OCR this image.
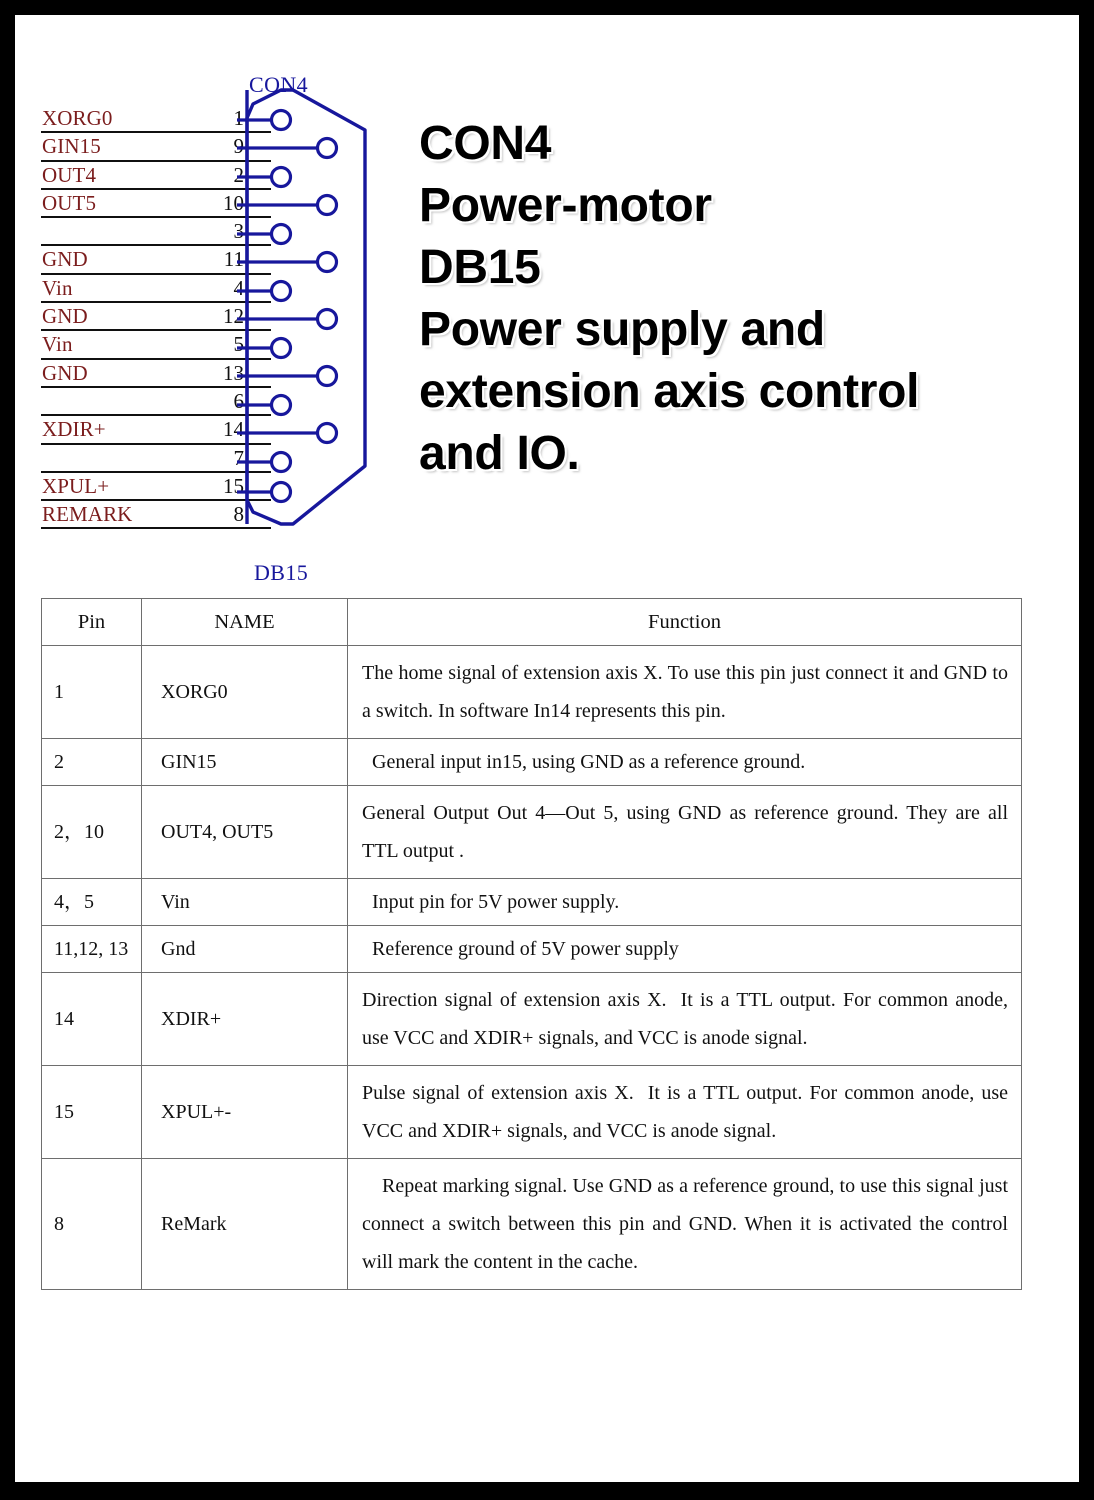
XORG0	1
GIN15	9
OUT4	2
OUT5	10
3
GND	11
Vin	4
GND	12
Vin	5
GND	13
6
XDIR+	14
7
XPUL+	15
REMARK	8
CON4
DB15
CON4
Power-motor
DB15
Power supply and
extension axis control
and IO.
Pin	NAME	Function
1	XORG0	The home signal of extension axis X. To use this pin just connect it and GND to a switch. In software In14 represents this pin.
2	GIN15	General input in15, using GND as a reference ground.
2，10	OUT4, OUT5	General Output Out 4—Out 5, using GND as reference ground. They are all TTL output .
4，5	Vin	Input pin for 5V power supply.
11,12, 13	Gnd	Reference ground of 5V power supply
14	XDIR+	Direction signal of extension axis X. It is a TTL output. For common anode, use VCC and XDIR+ signals, and VCC is anode signal.
15	XPUL+-	Pulse signal of extension axis X. It is a TTL output. For common anode, use VCC and XDIR+ signals, and VCC is anode signal.
8	ReMark	Repeat marking signal. Use GND as a reference ground, to use this signal just connect a switch between this pin and GND. When it is activated the control will mark the content in the cache.
